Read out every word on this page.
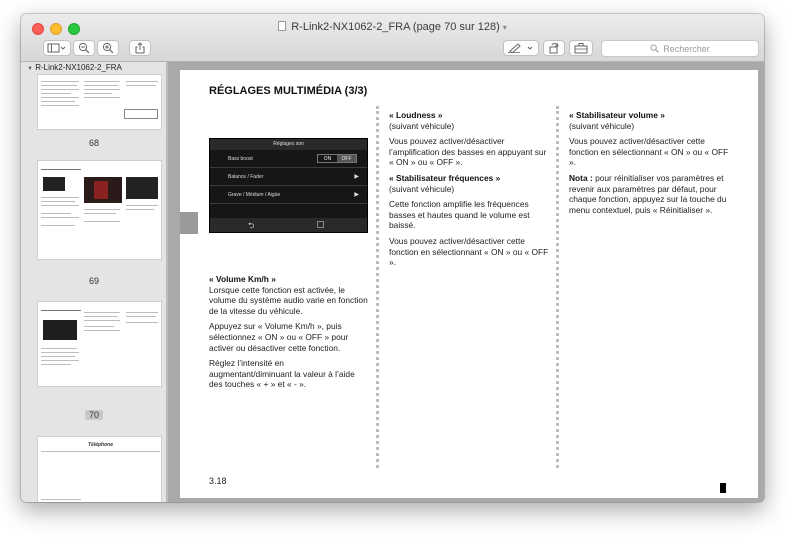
R-Link2-NX1062-2_FRA (page 70 sur 128) ▾
Rechercher
▼ R-Link2-NX1062-2_FRA
68
69
70
Téléphone
RÉGLAGES MULTIMÉDIA (3/3)
Réglages son
Bass boost	ON	OFF
Balance / Fader	▶
Grave / Médium / Aigüe	▶
⮌

« Volume Km/h »
Lorsque cette fonction est activée, le volume du système audio varie en fonction de la vitesse du véhicule.

Appuyez sur « Volume Km/h », puis sélectionnez « ON » ou « OFF » pour activer ou désactiver cette fonction.

Réglez l’intensité en augmentant/diminuant la valeur à l’aide des touches « + » et « - ».

« Loudness »
(suivant véhicule)

Vous pouvez activer/désactiver l’amplification des basses en appuyant sur « ON » ou « OFF ».

« Stabilisateur fréquences »
(suivant véhicule)

Cette fonction amplifie les fréquences basses et hautes quand le volume est baissé.

Vous pouvez activer/désactiver cette fonction en sélectionnant « ON » ou « OFF ».

« Stabilisateur volume »
(suivant véhicule)

Vous pouvez activer/désactiver cette fonction en sélectionnant « ON » ou « OFF ».

Nota : pour réinitialiser vos paramètres et revenir aux paramètres par défaut, pour chaque fonction, appuyez sur la touche du menu contextuel, puis « Réinitialiser ».

3.18
